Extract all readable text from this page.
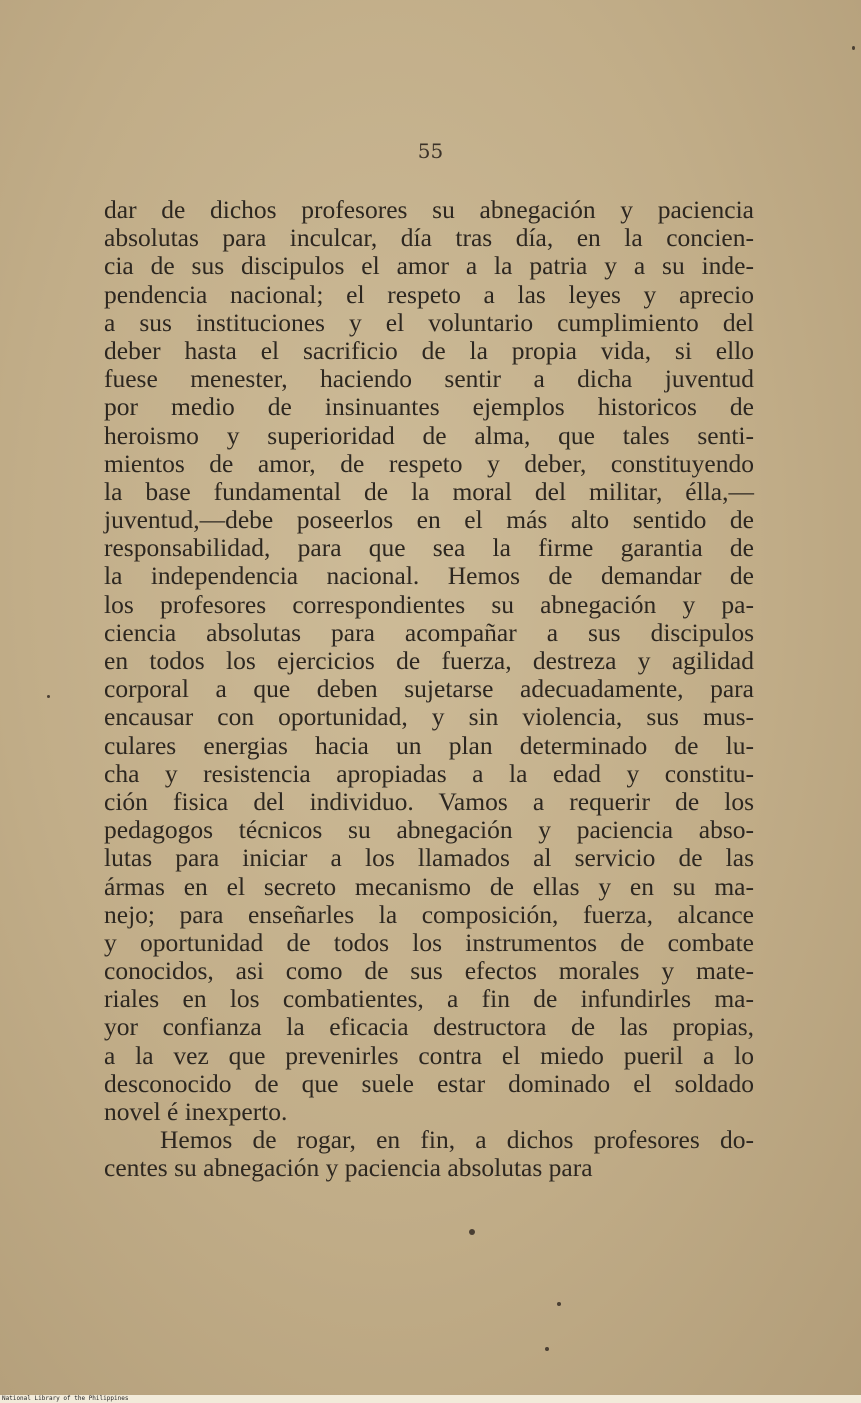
55
dar de dichos profesores su abnegación y paciencia
absolutas para inculcar, día tras día, en la concien-
cia de sus discipulos el amor a la patria y a su inde-
pendencia nacional; el respeto a las leyes y aprecio
a sus instituciones y el voluntario cumplimiento del
deber hasta el sacrificio de la propia vida, si ello
fuese menester, haciendo sentir a dicha juventud
por medio de insinuantes ejemplos historicos de
heroismo y superioridad de alma, que tales senti-
mientos de amor, de respeto y deber, constituyendo
la base fundamental de la moral del militar, élla,—
juventud,—debe poseerlos en el más alto sentido de
responsabilidad, para que sea la firme garantia de
la independencia nacional. Hemos de demandar de
los profesores correspondientes su abnegación y pa-
ciencia absolutas para acompañar a sus discipulos
en todos los ejercicios de fuerza, destreza y agilidad
corporal a que deben sujetarse adecuadamente, para
encausar con oportunidad, y sin violencia, sus mus-
culares energias hacia un plan determinado de lu-
cha y resistencia apropiadas a la edad y constitu-
ción fisica del individuo. Vamos a requerir de los
pedagogos técnicos su abnegación y paciencia abso-
lutas para iniciar a los llamados al servicio de las
ármas en el secreto mecanismo de ellas y en su ma-
nejo; para enseñarles la composición, fuerza, alcance
y oportunidad de todos los instrumentos de combate
conocidos, asi como de sus efectos morales y mate-
riales en los combatientes, a fin de infundirles ma-
yor confianza la eficacia destructora de las propias,
a la vez que prevenirles contra el miedo pueril a lo
desconocido de que suele estar dominado el soldado
novel é inexperto.
Hemos de rogar, en fin, a dichos profesores do-
centes su abnegación y paciencia absolutas para
National Library of the Philippines
